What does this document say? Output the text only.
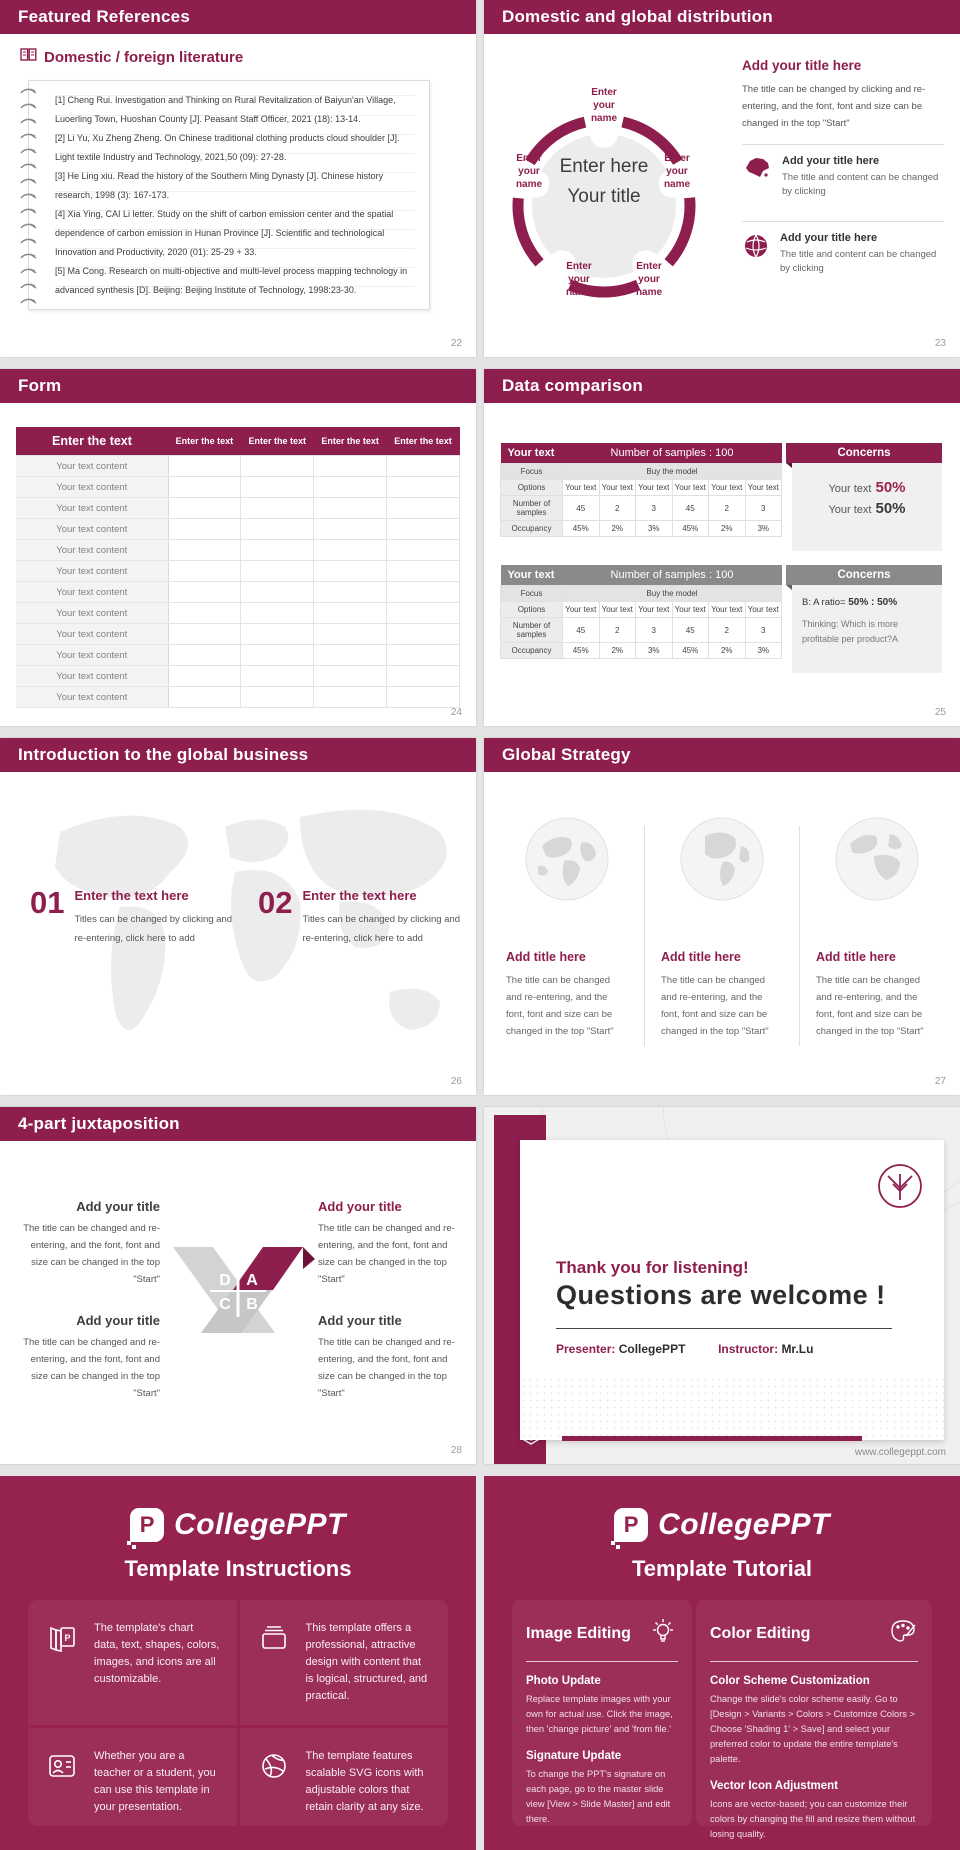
Featured References
Domestic / foreign literature

[1] Cheng Rui. Investigation and Thinking on Rural Revitalization of Baiyun'an Village, Luoerling Town, Huoshan County [J]. Peasant Staff Officer, 2021 (18): 13-14.

[2] Li Yu, Xu Zheng Zheng. On Chinese traditional clothing products cloud shoulder [J]. Light textile Industry and Technology, 2021,50 (09): 27-28.

[3] He Ling xiu. Read the history of the Southern Ming Dynasty [J]. Chinese history research, 1998 (3): 167-173.

[4] Xia Ying, CAI Li letter. Study on the shift of carbon emission center and the spatial dependence of carbon emission in Hunan Province [J]. Scientific and technological Innovation and Productivity, 2020 (01): 25-29 + 33.

[5] Ma Cong. Research on multi-objective and multi-level process mapping technology in advanced synthesis [D]. Beijing: Beijing Institute of Technology, 1998:23-30.

22
Domestic and global distribution
Enter here
Your title
Enter your name
Enter your name
Enter your name
Enter your name
Enter your name
Add your title here
The title can be changed by clicking and re-entering, and the font, font and size can be changed in the top "Start"
Add your title here

The title and content can be changed by clicking

Add your title here

The title and content can be changed by clicking

23
Form
Enter the text	Enter the text	Enter the text	Enter the text	Enter the text
Your text content				
Your text content				
Your text content				
Your text content				
Your text content				
Your text content				
Your text content				
Your text content				
Your text content				
Your text content				
Your text content				
Your text content				
24
Data comparison
Your text	Number of samples : 100					
Focus	Buy the model					
Options	Your text	Your text	Your text	Your text	Your text	Your text
Number of samples	45	2	3	45	2	3
Occupancy	45%	2%	3%	45%	2%	3%
Your text	Number of samples : 100					
Focus	Buy the model					
Options	Your text	Your text	Your text	Your text	Your text	Your text
Number of samples	45	2	3	45	2	3
Occupancy	45%	2%	3%	45%	2%	3%
Concerns
Your text 50%
Your text 50%
Concerns
B: A ratio= 50% : 50%
Thinking: Which is more profitable per product?A
25
Introduction to the global business
01 Enter the text here

Titles can be changed by clicking and re-entering, click here to add

02 Enter the text here

Titles can be changed by clicking and re-entering, click here to add

26
Global Strategy
Add title here

The title can be changed and re-entering, and the font, font and size can be changed in the top "Start"

Add title here

The title can be changed and re-entering, and the font, font and size can be changed in the top "Start"

Add title here

The title can be changed and re-entering, and the font, font and size can be changed in the top "Start"

27
4-part juxtaposition
Add your title

The title can be changed and re-entering, and the font, font and size can be changed in the top "Start"

Add your title

The title can be changed and re-entering, and the font, font and size can be changed in the top "Start"

Add your title

The title can be changed and re-entering, and the font, font and size can be changed in the top "Start"

Add your title

The title can be changed and re-entering, and the font, font and size can be changed in the top "Start"

D A
C B
28
Thank you for listening!
Questions are welcome !
Presenter: CollegePPT	Instructor: Mr.Lu
www.collegeppt.com
P CollegePPT
Template Instructions
P
The template's chart data, text, shapes, colors, images, and icons are all customizable.
This template offers a professional, attractive design with content that is logical, structured, and practical.
Whether you are a teacher or a student, you can use this template in your presentation.
The template features scalable SVG icons with adjustable colors that retain clarity at any size.
P CollegePPT
Template Tutorial
Image Editing
Photo Update

Replace template images with your own for actual use. Click the image, then 'change picture' and 'from file.'

Signature Update

To change the PPT's signature on each page, go to the master slide view [View > Slide Master] and edit there.

Color Editing
Color Scheme Customization

Change the slide's color scheme easily. Go to [Design > Variants > Colors > Customize Colors > Choose 'Shading 1' > Save] and select your preferred color to update the entire template's palette.

Vector Icon Adjustment

Icons are vector-based; you can customize their colors by changing the fill and resize them without losing quality.
